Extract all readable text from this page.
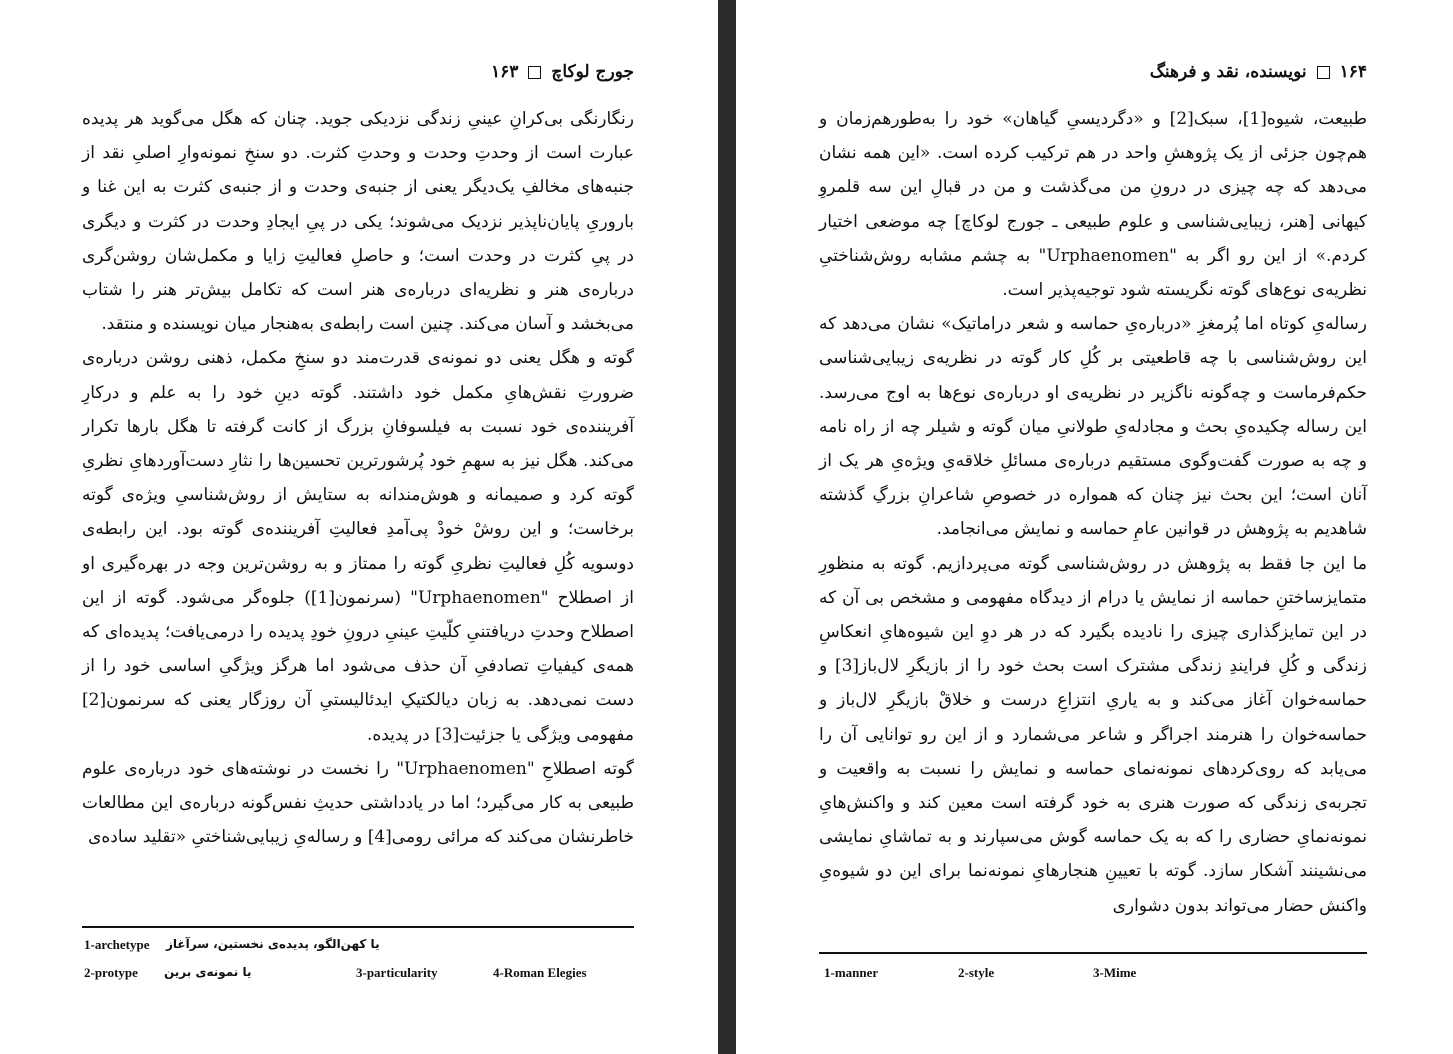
جورج لوکاچ
۱۶۳

رنگارنگی بی‌کرانِ عینیِ زندگی نزدیکی جوید. چنان که هگل می‌گوید هر پدیده عبارت است از وحدتِ وحدت و وحدتِ کثرت. دو سنخِ نمونه‌وارِ اصلیِ نقد از جنبه‌های مخالفِ یک‌دیگر یعنی از جنبه‌ی وحدت و از جنبه‌ی کثرت به این غنا و باروریِ پایان‌ناپذیر نزدیک می‌شوند؛ یکی در پیِ ایجادِ وحدت در کثرت و دیگری در پیِ کثرت در وحدت است؛ و حاصلِ فعالیتِ زایا و مکمل‌شان روشن‌گری درباره‌ی هنر و نظریه‌ای درباره‌ی هنر است که تکامل بیش‌تر هنر را شتاب می‌بخشد و آسان می‌کند. چنین است رابطه‌ی به‌هنجار میان نویسنده و منتقد.

گوته و هگل یعنی دو نمونه‌ی قدرت‌مند دو سنخِ مکمل، ذهنی روشن درباره‌ی ضرورتِ نقش‌هایِ مکمل خود داشتند. گوته دینِ خود را به علم و درکارِ آفریننده‌ی خود نسبت به فیلسوفانِ بزرگ از کانت گرفته تا هگل بارها تکرار می‌کند. هگل نیز به سهمِ خود پُرشورترین تحسین‌ها را نثارِ دست‌آوردهایِ نظریِ گوته کرد و صمیمانه و هوش‌مندانه به ستایش از روش‌شناسیِ ویژه‌ی گوته برخاست؛ و این روشْ خودْ پی‌آمدِ فعالیتِ آفریننده‌ی گوته بود. این رابطه‌ی دوسویه کُلِ فعالیتِ نظریِ گوته را ممتاز و به روشن‌ترین وجه در بهره‌گیری او از اصطلاح "Urphaenomen" (سرنمون[1]) جلوه‌گر می‌شود. گوته از این اصطلاح وحدتِ دریافتنیِ کلّیتِ عینیِ درونِ خودِ پدیده را درمی‌یافت؛ پدیده‌ای که همه‌ی کیفیاتِ تصادفیِ آن حذف می‌شود اما هرگز ویژگیِ اساسی خود را از دست نمی‌دهد. به زبان دیالکتیکِ ایدئالیستیِ آن روزگار یعنی که سرنمون[2] مفهومی ویژگی یا جزئیت[3] در پدیده.

گوته اصطلاحِ "Urphaenomen" را نخست در نوشته‌های خود درباره‌ی علوم طبیعی به کار می‌گیرد؛ اما در یادداشتی حدیثِ نفس‌گونه درباره‌ی این مطالعات خاطرنشان می‌کند که مرائی رومی[4] و رساله‌یِ زیبایی‌شناختیِ «تقلید ساده‌ی

1-archetype یا کهن‌الگو، پدیده‌ی نخستین، سرآغاز
2-protype یا نمونه‌ی برین	3-particularity	4-Roman Elegies
۱۶۴
نویسنده، نقد و فرهنگ

طبیعت، شیوه[1]، سبک[2] و «دگردیسیِ گیاهان» خود را به‌طورهم‌زمان و هم‌چون جزئی از یک پژوهشِ واحد در هم ترکیب کرده است. «این همه نشان می‌دهد که چه چیزی در درونِ من می‌گذشت و من در قبالِ این سه قلمروِ کیهانی [هنر، زیبایی‌شناسی و علوم طبیعی ـ جورج لوکاچ] چه موضعی اختیار کردم.» از این رو اگر به "Urphaenomen" به چشم مشابه روش‌شناختیِ نظریه‌ی نوع‌های گوته نگریسته شود توجیه‌پذیر است.

رساله‌یِ کوتاه اما پُرمغزِ «درباره‌یِ حماسه و شعر دراماتیک» نشان می‌دهد که این روش‌شناسی با چه قاطعیتی بر کُلِ کار گوته در نظریه‌ی زیبایی‌شناسی حکم‌فرماست و چه‌گونه ناگزیر در نظریه‌ی او درباره‌ی نوع‌ها به اوج می‌رسد. این رساله چکیده‌یِ بحث و مجادله‌یِ طولانیِ میان گوته و شیلر چه از راه نامه و چه به صورت گفت‌وگوی مستقیم درباره‌ی مسائلِ خلاقه‌یِ ویژه‌یِ هر یک از آنان است؛ این بحث نیز چنان که همواره در خصوصِ شاعرانِ بزرگِ گذشته شاهدیم به پژوهش در قوانین عامِ حماسه و نمایش می‌انجامد.

ما این جا فقط به پژوهش در روش‌شناسی گوته می‌پردازیم. گوته به منظورِ متمایزساختنِ حماسه از نمایش یا درام از دیدگاه مفهومی و مشخص بی آن که در این تمایزگذاری چیزی را نادیده بگیرد که در هر دوِ این شیوه‌هایِ انعکاسِ زندگی و کُلِ فرایندِ زندگی مشترک است بحث خود را از بازیگرِ لال‌باز[3] و حماسه‌خوان آغاز می‌کند و به یاریِ انتزاعِ درست و خلاقْ بازیگرِ لال‌باز و حماسه‌خوان را هنرمند اجراگر و شاعر می‌شمارد و از این رو توانایی آن را می‌یابد که روی‌کردهای نمونه‌نمای حماسه و نمایش را نسبت به واقعیت و تجربه‌ی زندگی که صورت هنری به خود گرفته است معین کند و واکنش‌هایِ نمونه‌نمایِ حضاری را که به یک حماسه گوش می‌سپارند و به تماشایِ نمایشی می‌نشینند آشکار سازد. گوته با تعیینِ هنجارهایِ نمونه‌نما برای این دو شیوه‌یِ واکنش حضار می‌تواند بدون دشواری

1-manner	2-style	3-Mime
